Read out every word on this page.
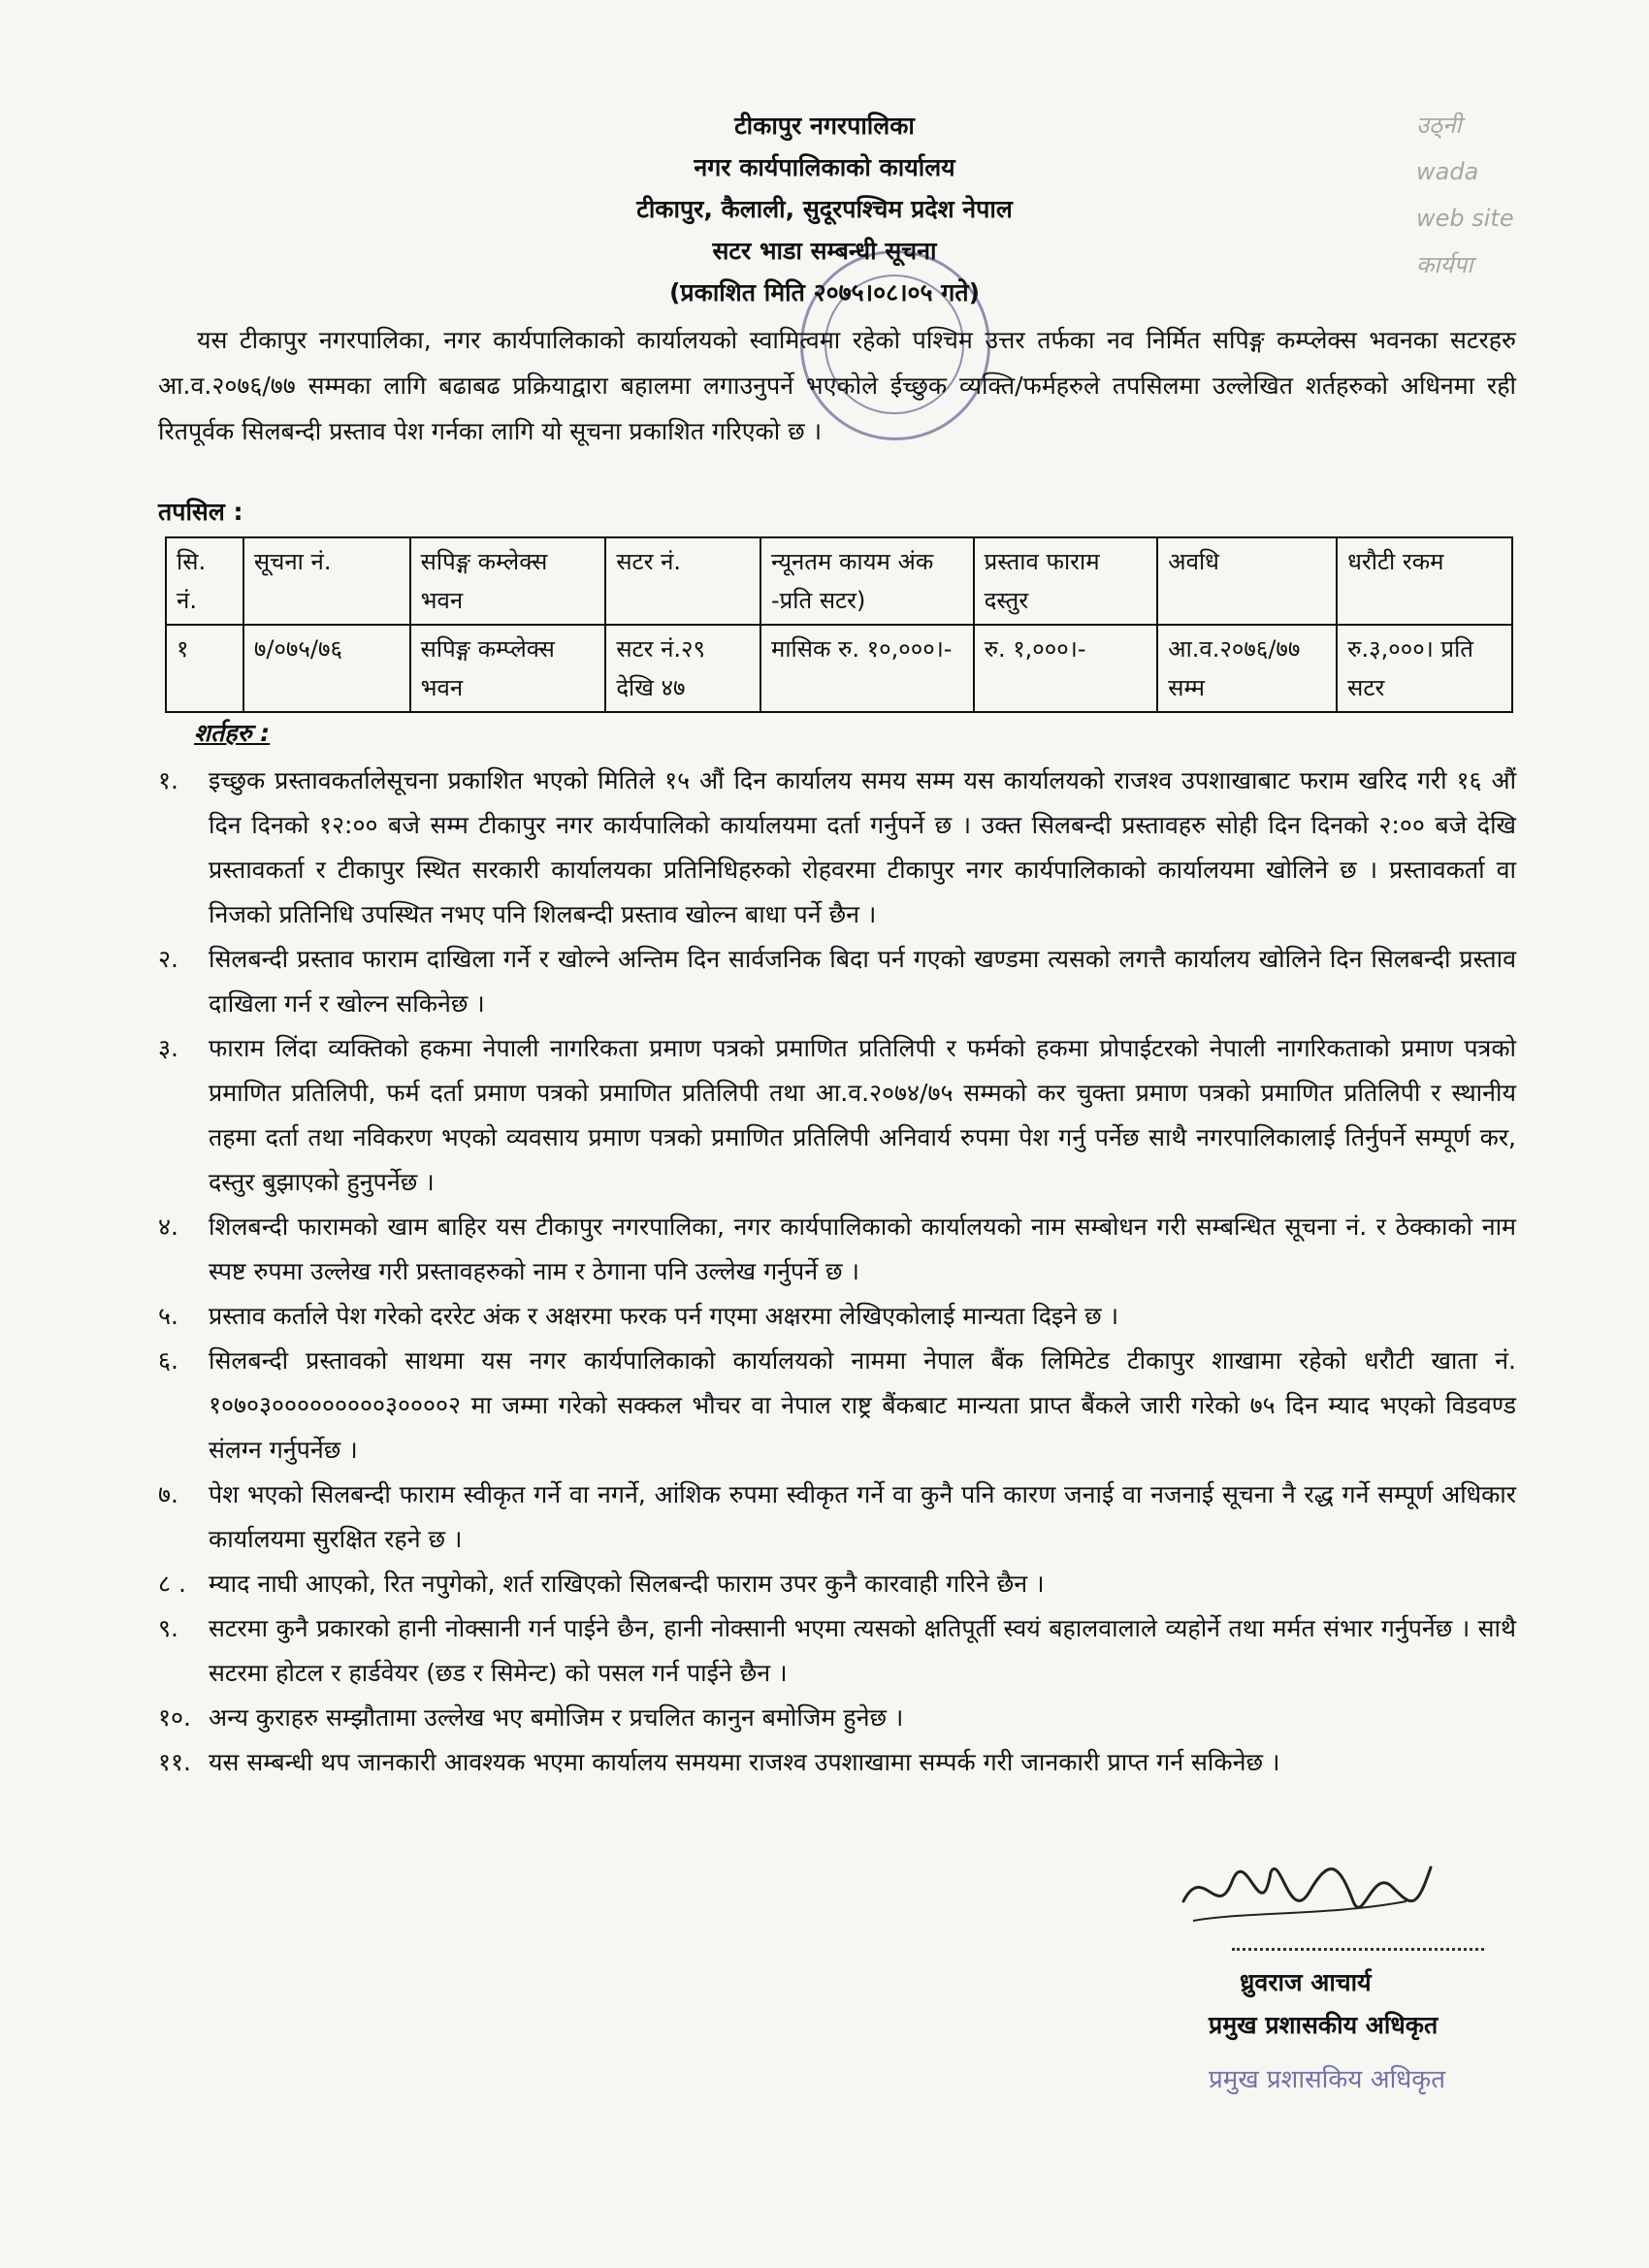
उठ्नी
wada
web site
कार्यपा
टीकापुर नगरपालिका
नगर कार्यपालिकाको कार्यालय
टीकापुर, कैलाली, सुदूरपश्चिम प्रदेश नेपाल
सटर भाडा सम्बन्धी सूचना
(प्रकाशित मिति २०७५।०८।०५ गते)
यस टीकापुर नगरपालिका, नगर कार्यपालिकाको कार्यालयको स्वामित्वमा रहेको पश्चिम उत्तर तर्फका नव निर्मित सपिङ्ग कम्प्लेक्स भवनका सटरहरु आ.व.२०७६/७७ सम्मका लागि बढाबढ प्रक्रियाद्वारा बहालमा लगाउनुपर्ने भएकोले ईच्छुक व्यक्ति/फर्महरुले तपसिलमा उल्लेखित शर्तहरुको अधिनमा रही रितपूर्वक सिलबन्दी प्रस्ताव पेश गर्नका लागि यो सूचना प्रकाशित गरिएको छ ।
तपसिल :
सि. नं.	सूचना नं.	सपिङ्ग कम्लेक्स भवन	सटर नं.	न्यूनतम कायम अंक -प्रति सटर)	प्रस्ताव फाराम दस्तुर	अवधि	धरौटी रकम
१	७/०७५/७६	सपिङ्ग कम्प्लेक्स भवन	सटर नं.२९ देखि ४७	मासिक रु. १०,०००।-	रु. १,०००।-	आ.व.२०७६/७७ सम्म	रु.३,०००। प्रति सटर
शर्तहरु :
१.	इच्छुक प्रस्तावकर्तालेसूचना प्रकाशित भएको मितिले १५ औं दिन कार्यालय समय सम्म यस कार्यालयको राजश्व उपशाखाबाट फराम खरिद गरी १६ औं दिन दिनको १२:०० बजे सम्म टीकापुर नगर कार्यपालिको कार्यालयमा दर्ता गर्नुपर्ने छ । उक्त सिलबन्दी प्रस्तावहरु सोही दिन दिनको २:०० बजे देखि प्रस्तावकर्ता र टीकापुर स्थित सरकारी कार्यालयका प्रतिनिधिहरुको रोहवरमा टीकापुर नगर कार्यपालिकाको कार्यालयमा खोलिने छ । प्रस्तावकर्ता वा निजको प्रतिनिधि उपस्थित नभए पनि शिलबन्दी प्रस्ताव खोल्न बाधा पर्ने छैन ।
२.	सिलबन्दी प्रस्ताव फाराम दाखिला गर्ने र खोल्ने अन्तिम दिन सार्वजनिक बिदा पर्न गएको खण्डमा त्यसको लगत्तै कार्यालय खोलिने दिन सिलबन्दी प्रस्ताव दाखिला गर्न र खोल्न सकिनेछ ।
३.	फाराम लिंदा व्यक्तिको हकमा नेपाली नागरिकता प्रमाण पत्रको प्रमाणित प्रतिलिपी र फर्मको हकमा प्रोपाईटरको नेपाली नागरिकताको प्रमाण पत्रको प्रमाणित प्रतिलिपी, फर्म दर्ता प्रमाण पत्रको प्रमाणित प्रतिलिपी तथा आ.व.२०७४/७५ सम्मको कर चुक्ता प्रमाण पत्रको प्रमाणित प्रतिलिपी र स्थानीय तहमा दर्ता तथा नविकरण भएको व्यवसाय प्रमाण पत्रको प्रमाणित प्रतिलिपी अनिवार्य रुपमा पेश गर्नु पर्नेछ साथै नगरपालिकालाई तिर्नुपर्ने सम्पूर्ण कर, दस्तुर बुझाएको हुनुपर्नेछ ।
४.	शिलबन्दी फारामको खाम बाहिर यस टीकापुर नगरपालिका, नगर कार्यपालिकाको कार्यालयको नाम सम्बोधन गरी सम्बन्धित सूचना नं. र ठेक्काको नाम स्पष्ट रुपमा उल्लेख गरी प्रस्तावहरुको नाम र ठेगाना पनि उल्लेख गर्नुपर्ने छ ।
५.	प्रस्ताव कर्ताले पेश गरेको दररेट अंक र अक्षरमा फरक पर्न गएमा अक्षरमा लेखिएकोलाई मान्यता दिइने छ ।
६.	सिलबन्दी प्रस्तावको साथमा यस नगर कार्यपालिकाको कार्यालयको नाममा नेपाल बैंक लिमिटेड टीकापुर शाखामा रहेको धरौटी खाता नं. १०७०३०००००००००३००००२ मा जम्मा गरेको सक्कल भौचर वा नेपाल राष्ट्र बैंकबाट मान्यता प्राप्त बैंकले जारी गरेको ७५ दिन म्याद भएको विडवण्ड संलग्न गर्नुपर्नेछ ।
७.	पेश भएको सिलबन्दी फाराम स्वीकृत गर्ने वा नगर्ने, आंशिक रुपमा स्वीकृत गर्ने वा कुनै पनि कारण जनाई वा नजनाई सूचना नै रद्ध गर्ने सम्पूर्ण अधिकार कार्यालयमा सुरक्षित रहने छ ।
८ . म्याद नाघी आएको, रित नपुगेको, शर्त राखिएको सिलबन्दी फाराम उपर कुनै कारवाही गरिने छैन ।
९.	सटरमा कुनै प्रकारको हानी नोक्सानी गर्न पाईने छैन, हानी नोक्सानी भएमा त्यसको क्षतिपूर्ती स्वयं बहालवालाले व्यहोर्ने तथा मर्मत संभार गर्नुपर्नेछ । साथै सटरमा होटल र हार्डवेयर (छड र सिमेन्ट) को पसल गर्न पाईने छैन ।
१०. अन्य कुराहरु सम्झौतामा उल्लेख भए बमोजिम र प्रचलित कानुन बमोजिम हुनेछ ।
११. यस सम्बन्धी थप जानकारी आवश्यक भएमा कार्यालय समयमा राजश्व उपशाखामा सम्पर्क गरी जानकारी प्राप्त गर्न सकिनेछ ।
ध्रुवराज आचार्य
प्रमुख प्रशासकीय अधिकृत
प्रमुख प्रशासकिय अधिकृत
